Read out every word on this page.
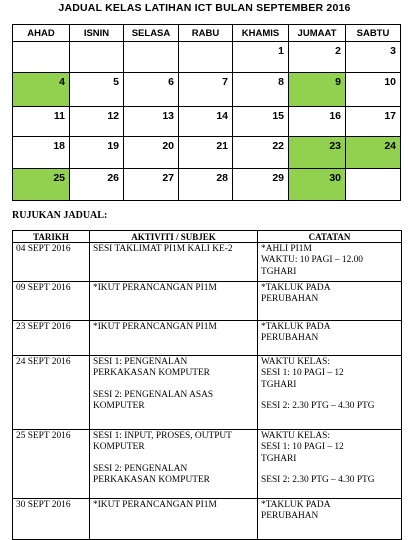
JADUAL KELAS LATIHAN ICT BULAN SEPTEMBER 2016
AHAD	ISNIN	SELASA	RABU	KHAMIS	JUMAAT	SABTU
				1	2	3
4	5	6	7	8	9	10
11	12	13	14	15	16	17
18	19	20	21	22	23	24
25	26	27	28	29	30	
RUJUKAN JADUAL:
TARIKH	AKTIVITI / SUBJEK	CATATAN
04 SEPT 2016	SESI TAKLIMAT PI1M KALI KE-2	*AHLI PI1M
WAKTU: 10 PAGI – 12.00
TGHARI

09 SEPT 2016	*IKUT PERANCANGAN PI1M	*TAKLUK PADA
PERUBAHAN

23 SEPT 2016	*IKUT PERANCANGAN PI1M	*TAKLUK PADA
PERUBAHAN

24 SEPT 2016	SESI 1: PENGENALAN
PERKAKASAN KOMPUTER
SESI 2: PENGENALAN ASAS
KOMPUTER	WAKTU KELAS:
SESI 1: 10 PAGI – 12
TGHARI
SESI 2: 2.30 PTG – 4.30 PTG

25 SEPT 2016	SESI 1: INPUT, PROSES, OUTPUT
KOMPUTER
SESI 2: PENGENALAN
PERKAKASAN KOMPUTER	WAKTU KELAS:
SESI 1: 10 PAGI – 12
TGHARI
SESI 2: 2.30 PTG – 4.30 PTG

30 SEPT 2016	*IKUT PERANCANGAN PI1M	*TAKLUK PADA
PERUBAHAN
